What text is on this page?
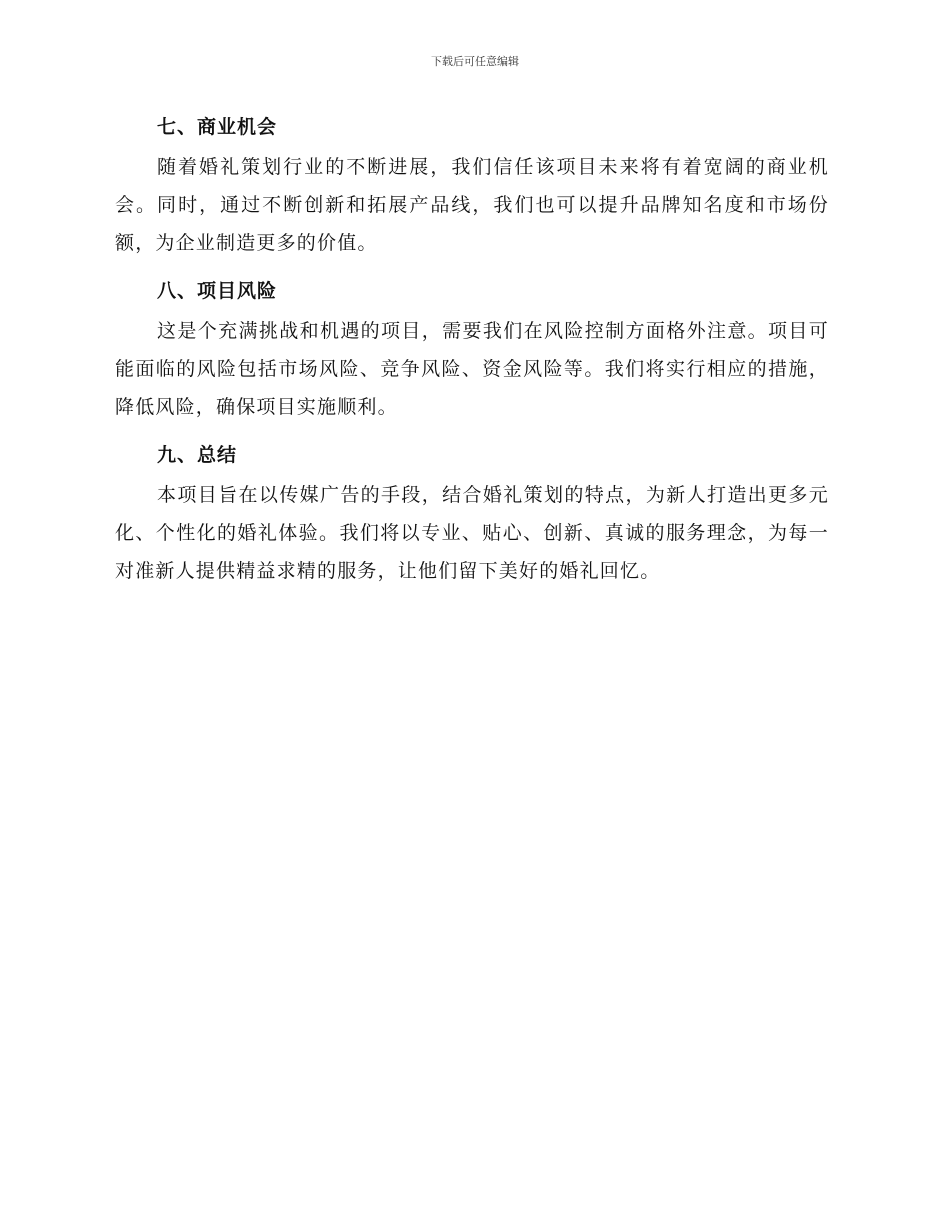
下载后可任意编辑
七、商业机会

随着婚礼策划行业的不断进展，我们信任该项目未来将有着宽阔的商业机会。同时，通过不断创新和拓展产品线，我们也可以提升品牌知名度和市场份额，为企业制造更多的价值。

八、项目风险

这是个充满挑战和机遇的项目，需要我们在风险控制方面格外注意。项目可能面临的风险包括市场风险、竞争风险、资金风险等。我们将实行相应的措施，降低风险，确保项目实施顺利。

九、总结

本项目旨在以传媒广告的手段，结合婚礼策划的特点，为新人打造出更多元化、个性化的婚礼体验。我们将以专业、贴心、创新、真诚的服务理念，为每一对准新人提供精益求精的服务，让他们留下美好的婚礼回忆。
